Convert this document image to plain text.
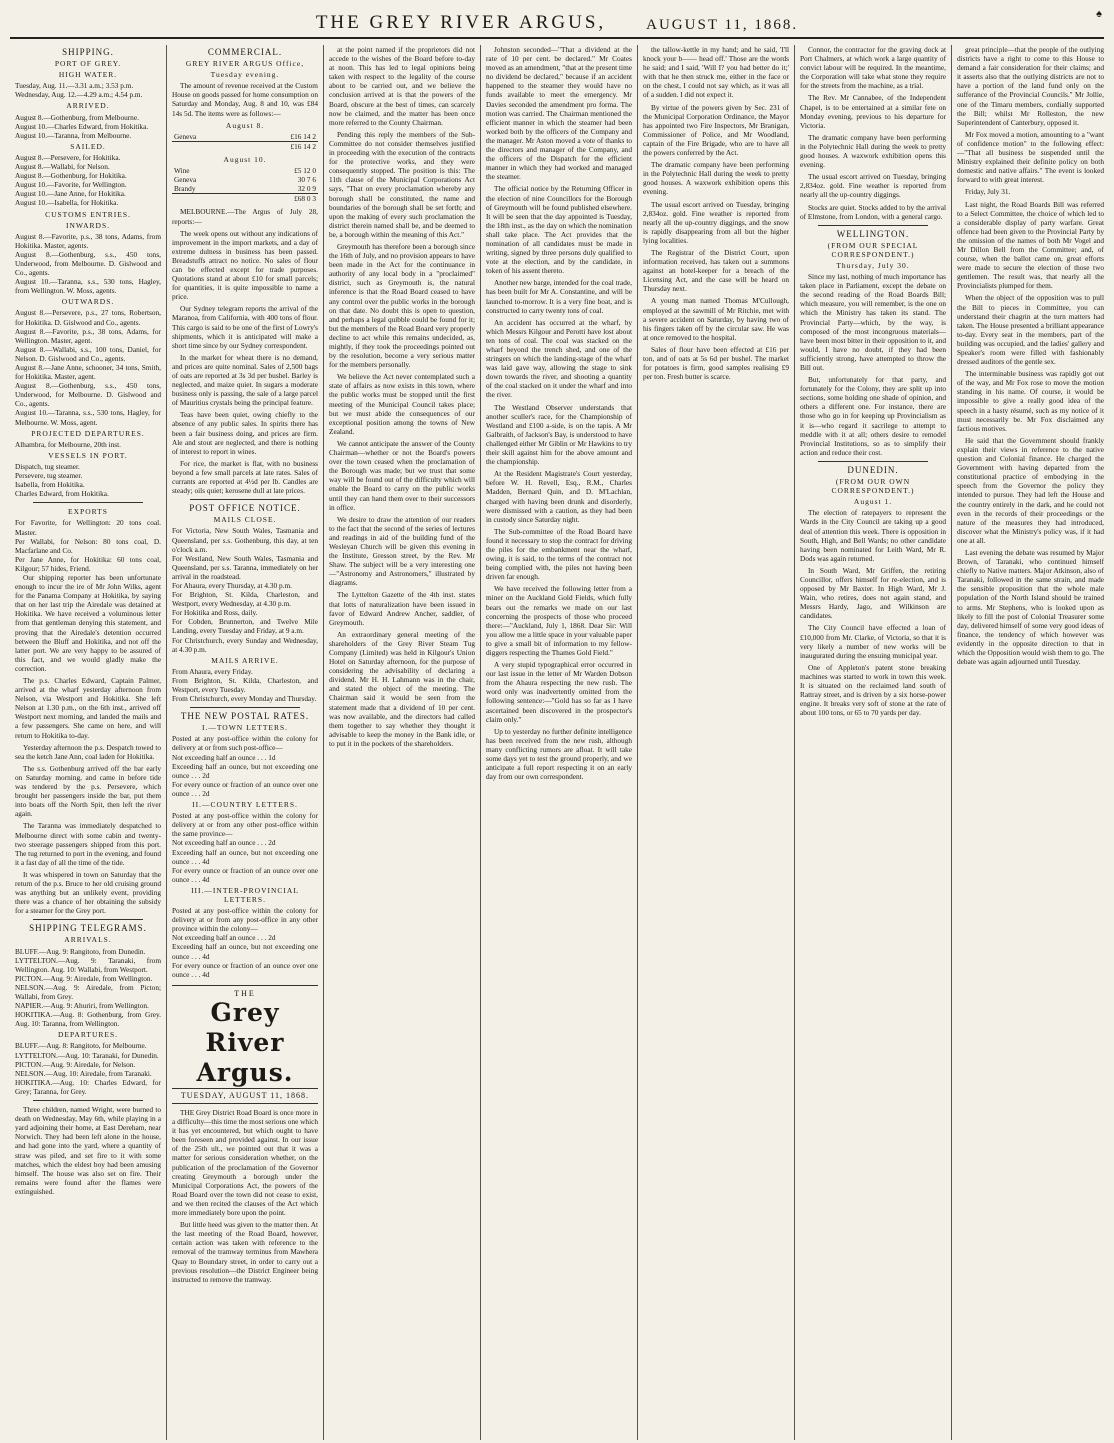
THE GREY RIVER ARGUS,	AUGUST 11, 1868.
♠
SHIPPING.
PORT OF GREY.
HIGH WATER.
Tuesday, Aug. 11.—3.31 a.m.; 3.53 p.m.
Wednesday, Aug. 12.—4.29 a.m.; 4.54 p.m.
ARRIVED.
August 8.—Gothenburg, from Melbourne.
August 10.—Charles Edward, from Hokitika.
August 10.—Taranna, from Melbourne.
SAILED.
August 8.—Persevere, for Hokitika.
August 8.—Wallabi, for Nelson.
August 8.—Gothenburg, for Hokitika.
August 10.—Favorite, for Wellington.
August 10.—Jane Anne, for Hokitika.
August 10.—Isabella, for Hokitika.
CUSTOMS ENTRIES.
INWARDS.
August 8.—Favorite, p.s., 38 tons, Adams, from Hokitika. Master, agents.
August 8.—Gothenburg, s.s., 450 tons, Underwood, from Melbourne. D. Gislwood and Co., agents.
August 10.—Taranna, s.s., 530 tons, Hagley, from Wellington. W. Moss, agents.
OUTWARDS.
August 8.—Persevere, p.s., 27 tons, Robertson, for Hokitika. D. Gislwood and Co., agents.
August 8.—Favorite, p.s., 38 tons, Adams, for Wellington. Master, agent.
August 8.—Wallabi, s.s., 100 tons, Daniel, for Nelson. D. Gislwood and Co., agents.
August 8.—Jane Anne, schooner, 34 tons, Smith, for Hokitika. Master, agent.
August 8.—Gothenburg, s.s., 450 tons, Underwood, for Melbourne. D. Gislwood and Co., agents.
August 10.—Taranna, s.s., 530 tons, Hagley, for Melbourne. W. Moss, agent.
PROJECTED DEPARTURES.
Alhambra, for Melbourne, 20th inst.
VESSELS IN PORT.
Dispatch, tug steamer.
Persevere, tug steamer.
Isabella, from Hokitika.
Charles Edward, from Hokitika.
EXPORTS
For Favorite, for Wellington: 20 tons coal. Master.
Per Wallabi, for Nelson: 80 tons coal, D. Macfarlane and Co.
Per Jane Anne, for Hokitika: 60 tons coal, Kilgour; 57 hides, Friend.

Our shipping reporter has been unfortunate enough to incur the ire of Mr John Wilks, agent for the Panama Company at Hokitika, by saying that on her last trip the Airedale was detained at Hokitika. We have received a voluminous letter from that gentleman denying this statement, and proving that the Airedale's detention occurred between the Bluff and Hokitika, and not off the latter port. We are very happy to be assured of this fact, and we would gladly make the correction.

The p.s. Charles Edward, Captain Palmer, arrived at the wharf yesterday afternoon from Nelson, via Westport and Hokitika. She left Nelson at 1.30 p.m., on the 6th inst., arrived off Westport next morning, and landed the mails and a few passengers. She came on here, and will return to Hokitika to-day.

Yesterday afternoon the p.s. Despatch towed to sea the ketch Jane Ann, coal laden for Hokitika.

The s.s. Gothenburg arrived off the bar early on Saturday morning, and came in before tide was tendered by the p.s. Persevere, which brought her passengers inside the bar, put them into boats off the North Spit, then left the river again.

The Taranna was immediately despatched to Melbourne direct with some cabin and twenty-two steerage passengers shipped from this port. The tug returned to port in the evening, and found it a fast day of all the time of the tide.

It was whispered in town on Saturday that the return of the p.s. Bruce to her old cruising ground was anything but an unlikely event, providing there was a chance of her obtaining the subsidy for a steamer for the Grey port.

SHIPPING TELEGRAMS.
ARRIVALS.
BLUFF.—Aug. 9: Rangitoto, from Dunedin.
LYTTELTON.—Aug. 9: Taranaki, from Wellington. Aug. 10: Wallabi, from Westport.
PICTON.—Aug. 9: Airedale, from Wellington.
NELSON.—Aug. 9: Airedale, from Picton; Wallabi, from Grey.
NAPIER.—Aug. 9: Ahuriri, from Wellington.
HOKITIKA.—Aug. 8: Gothenburg, from Grey. Aug. 10: Taranna, from Wellington.
DEPARTURES.
BLUFF.—Aug. 8: Rangitoto, for Melbourne.
LYTTELTON.—Aug. 10: Taranaki, for Dunedin.
PICTON.—Aug. 9: Airedale, for Nelson.
NELSON.—Aug. 10: Airedale, from Taranaki.
HOKITIKA.—Aug. 10: Charles Edward, for Grey; Taranna, for Grey.

Three children, named Wright, were burned to death on Wednesday, May 6th, while playing in a yard adjoining their home, at East Dereham, near Norwich. They had been left alone in the house, and had gone into the yard, where a quantity of straw was piled, and set fire to it with some matches, which the eldest boy had been amusing himself. The house was also set on fire. Their remains were found after the flames were extinguished.

COMMERCIAL.
GREY RIVER ARGUS Office,
Tuesday evening.

The amount of revenue received at the Custom House on goods passed for home consumption on Saturday and Monday, Aug. 8 and 10, was £84 14s 5d. The items were as follows:—

August 8.
Geneva	£16 14 2
	£16 14 2
August 10.
Wine	£5 12 0
Geneva	30 7 6
Brandy	32 0 9
	£68 0 3

MELBOURNE.—The Argus of July 28, reports:—

The week opens out without any indications of improvement in the import markets, and a day of extreme dulness in business has been passed. Breadstuffs attract no notice. No sales of flour can be effected except for trade purposes. Quotations stand at about £10 for small parcels; for quantities, it is quite impossible to name a price.

Our Sydney telegram reports the arrival of the Maranoa, from California, with 400 tons of flour. This cargo is said to be one of the first of Lowry's shipments, which it is anticipated will make a short time since by our Sydney correspondent.

In the market for wheat there is no demand, and prices are quite nominal. Sales of 2,500 bags of oats are reported at 3s 3d per bushel. Barley is neglected, and maize quiet. In sugars a moderate business only is passing, the sale of a large parcel of Mauritius crystals being the principal feature.

Teas have been quiet, owing chiefly to the absence of any public sales. In spirits there has been a fair business doing, and prices are firm. Ale and stout are neglected, and there is nothing of interest to report in wines.

For rice, the market is flat, with no business beyond a few small parcels at late rates. Sales of currants are reported at 4½d per lb. Candles are steady; oils quiet; kerosene dull at late prices.

POST OFFICE NOTICE.
MAILS CLOSE.
For Victoria, New South Wales, Tasmania and Queensland, per s.s. Gothenburg, this day, at ten o'clock a.m.
For Westland, New South Wales, Tasmania and Queensland, per s.s. Taranna, immediately on her arrival in the roadstead.
For Ahaura, every Thursday, at 4.30 p.m.
For Brighton, St. Kilda, Charleston, and Westport, every Wednesday, at 4.30 p.m.
For Hokitika and Ross, daily.
For Cobden, Brunnerton, and Twelve Mile Landing, every Tuesday and Friday, at 9 a.m.
For Christchurch, every Sunday and Wednesday, at 4.30 p.m.
MAILS ARRIVE.
From Ahaura, every Friday.
From Brighton, St. Kilda, Charleston, and Westport, every Tuesday.
From Christchurch, every Monday and Thursday.
THE NEW POSTAL RATES.
I.—TOWN LETTERS.
Posted at any post-office within the colony for delivery at or from such post-office—
Not exceeding half an ounce . . . 1d
Exceeding half an ounce, but not exceeding one ounce . . . 2d
For every ounce or fraction of an ounce over one ounce . . . 2d
II.—COUNTRY LETTERS.
Posted at any post-office within the colony for delivery at or from any other post-office within the same province—
Not exceeding half an ounce . . . 2d
Exceeding half an ounce, but not exceeding one ounce . . . 4d
For every ounce or fraction of an ounce over one ounce . . . 4d
III.—INTER-PROVINCIAL LETTERS.
Posted at any post-office within the colony for delivery at or from any post-office in any other province within the colony—
Not exceeding half an ounce . . . 2d
Exceeding half an ounce, but not exceeding one ounce . . . 4d
For every ounce or fraction of an ounce over one ounce . . . 4d
THE
Grey River Argus.
TUESDAY, AUGUST 11, 1868.

THE Grey District Road Board is once more in a difficulty—this time the most serious one which it has yet encountered, but which ought to have been foreseen and provided against. In our issue of the 25th ult., we pointed out that it was a matter for serious consideration whether, on the publication of the proclamation of the Governor creating Greymouth a borough under the Municipal Corporations Act, the powers of the Road Board over the town did not cease to exist, and we then recited the clauses of the Act which more immediately bore upon the point.

But little heed was given to the matter then. At the last meeting of the Road Board, however, certain action was taken with reference to the removal of the tramway terminus from Mawhera Quay to Boundary street, in order to carry out a previous resolution—the District Engineer being instructed to remove the tramway.

at the point named if the proprietors did not accede to the wishes of the Board before to-day at noon. This has led to legal opinions being taken with respect to the legality of the course about to be carried out, and we believe the conclusion arrived at is that the powers of the Board, obscure at the best of times, can scarcely now be claimed, and the matter has been once more referred to the County Chairman.

Pending this reply the members of the Sub-Committee do not consider themselves justified in proceeding with the execution of the contracts for the protective works, and they were consequently stopped. The position is this: The 11th clause of the Municipal Corporations Act says, "That on every proclamation whereby any borough shall be constituted, the name and boundaries of the borough shall be set forth; and upon the making of every such proclamation the district therein named shall be, and be deemed to be, a borough within the meaning of this Act."

Greymouth has therefore been a borough since the 16th of July, and no provision appears to have been made in the Act for the continuance in authority of any local body in a "proclaimed" district, such as Greymouth is, the natural inference is that the Road Board ceased to have any control over the public works in the borough on that date. No doubt this is open to question, and perhaps a legal quibble could be found for it; but the members of the Road Board very properly decline to act while this remains undecided, as, mightly, if they took the proceedings pointed out by the resolution, become a very serious matter for the members personally.

We believe the Act never contemplated such a state of affairs as now exists in this town, where the public works must be stopped until the first meeting of the Municipal Council takes place; but we must abide the consequences of our exceptional position among the towns of New Zealand.

We cannot anticipate the answer of the County Chairman—whether or not the Board's powers over the town ceased when the proclamation of the Borough was made; but we trust that some way will be found out of the difficulty which will enable the Board to carry on the public works until they can hand them over to their successors in office.

We desire to draw the attention of our readers to the fact that the second of the series of lectures and readings in aid of the building fund of the Wesleyan Church will be given this evening in the Institute, Gresson street, by the Rev. Mr Shaw. The subject will be a very interesting one—"Astronomy and Astronomers," illustrated by diagrams.

The Lyttelton Gazette of the 4th inst. states that lotts of naturalization have been issued in favor of Edward Andrew Ancher, saddler, of Greymouth.

An extraordinary general meeting of the shareholders of the Grey River Steam Tug Company (Limited) was held in Kilgour's Union Hotel on Saturday afternoon, for the purpose of considering the advisability of declaring a dividend. Mr H. H. Lahmann was in the chair, and stated the object of the meeting. The Chairman said it would be seen from the statement made that a dividend of 10 per cent. was now available, and the directors had called them together to say whether they thought it advisable to keep the money in the Bank idle, or to put it in the pockets of the shareholders.

Johnston seconded—"That a dividend at the rate of 10 per cent. be declared." Mr Coates moved as an amendment, "that at the present time no dividend be declared," because if an accident happened to the steamer they would have no funds available to meet the emergency. Mr Davies seconded the amendment pro forma. The motion was carried. The Chairman mentioned the efficient manner in which the steamer had been worked both by the officers of the Company and the manager. Mr Aston moved a vote of thanks to the directors and manager of the Company, and the officers of the Dispatch for the efficient manner in which they had worked and managed the steamer.

The official notice by the Returning Officer in the election of nine Councillors for the Borough of Greymouth will be found published elsewhere. It will be seen that the day appointed is Tuesday, the 18th inst., as the day on which the nomination shall take place. The Act provides that the nomination of all candidates must be made in writing, signed by three persons duly qualified to vote at the election, and by the candidate, in token of his assent thereto.

Another new barge, intended for the coal trade, has been built for Mr A. Constantine, and will be launched to-morrow. It is a very fine boat, and is constructed to carry twenty tons of coal.

An accident has occurred at the wharf, by which Messrs Kilgour and Perotti have lost about ten tons of coal. The coal was stacked on the wharf beyond the trench shed, and one of the stringers on which the landing-stage of the wharf was laid gave way, allowing the stage to sink down towards the river, and shooting a quantity of the coal stacked on it under the wharf and into the river.

The Westland Observer understands that another sculler's race, for the Championship of Westland and £100 a-side, is on the tapis. A Mr Galbraith, of Jackson's Bay, is understood to have challenged either Mr Giblin or Mr Hawkins to try their skill against him for the above amount and the championship.

At the Resident Magistrate's Court yesterday, before W. H. Revell, Esq., R.M., Charles Madden, Bernard Quin, and D. M'Lachlan, charged with having been drunk and disorderly, were dismissed with a caution, as they had been in custody since Saturday night.

The Sub-committee of the Road Board have found it necessary to stop the contract for driving the piles for the embankment near the wharf, owing, it is said, to the terms of the contract not being complied with, the piles not having been driven far enough.

We have received the following letter from a miner on the Auckland Gold Fields, which fully bears out the remarks we made on our last concerning the prospects of those who proceed there:—"Auckland, July 1, 1868. Dear Sir: Will you allow me a little space in your valuable paper to give a small bit of information to my fellow-diggers respecting the Thames Gold Field."

A very stupid typographical error occurred in our last issue in the letter of Mr Warden Dobson from the Ahaura respecting the new rush. The word only was inadvertently omitted from the following sentence:—"Gold has so far as I have ascertained been discovered in the prospector's claim only."

Up to yesterday no further definite intelligence has been received from the new rush, although many conflicting rumors are afloat. It will take some days yet to test the ground properly, and we anticipate a full report respecting it on an early day from our own correspondent.

the tallow-kettle in my hand; and he said, 'I'll knock your b—— head off.' Those are the words he said; and I said, 'Will I? you had better do it;' with that he then struck me, either in the face or on the chest, I could not say which, as it was all of a sudden. I did not expect it.

By virtue of the powers given by Sec. 231 of the Municipal Corporation Ordinance, the Mayor has appointed two Fire Inspectors, Mr Branigan, Commissioner of Police, and Mr Woodland, captain of the Fire Brigade, who are to have all the powers conferred by the Act.

The dramatic company have been performing in the Polytechnic Hall during the week to pretty good houses. A waxwork exhibition opens this evening.

The usual escort arrived on Tuesday, bringing 2,834oz. gold. Fine weather is reported from nearly all the up-country diggings, and the snow is rapidly disappearing from all but the higher lying localities.

The Registrar of the District Court, upon information received, has taken out a summons against an hotel-keeper for a breach of the Licensing Act, and the case will be heard on Thursday next.

A young man named Thomas M'Cullough, employed at the sawmill of Mr Ritchie, met with a severe accident on Saturday, by having two of his fingers taken off by the circular saw. He was at once removed to the hospital.

Sales of flour have been effected at £16 per ton, and of oats at 5s 6d per bushel. The market for potatoes is firm, good samples realising £9 per ton. Fresh butter is scarce.

Connor, the contractor for the graving dock at Port Chalmers, at which work a large quantity of convict labour will be required. In the meantime, the Corporation will take what stone they require for the streets from the machine, as a trial.

The Rev. Mr Cannabee, of the Independent Chapel, is to be entertained at a similar fete on Monday evening, previous to his departure for Victoria.

The dramatic company have been performing in the Polytechnic Hall during the week to pretty good houses. A waxwork exhibition opens this evening.

The usual escort arrived on Tuesday, bringing 2,834oz. gold. Fine weather is reported from nearly all the up-country diggings.

Stocks are quiet. Stocks added to by the arrival of Elmstone, from London, with a general cargo.

WELLINGTON.
(FROM OUR SPECIAL CORRESPONDENT.)
Thursday, July 30.

Since my last, nothing of much importance has taken place in Parliament, except the debate on the second reading of the Road Boards Bill; which measure, you will remember, is the one on which the Ministry has taken its stand. The Provincial Party—which, by the way, is composed of the most incongruous materials—have been most bitter in their opposition to it, and would, I have no doubt, if they had been sufficiently strong, have attempted to throw the Bill out.

But, unfortunately for that party, and fortunately for the Colony, they are split up into sections, some holding one shade of opinion, and others a different one. For instance, there are those who go in for keeping up Provincialism as it is—who regard it sacrilege to attempt to meddle with it at all; others desire to remodel Provincial Institutions, so as to simplify their action and reduce their cost.

DUNEDIN.
(FROM OUR OWN CORRESPONDENT.)
August 1.

The election of ratepayers to represent the Wards in the City Council are taking up a good deal of attention this week. There is opposition in South, High, and Bell Wards; no other candidate having been nominated for Leith Ward, Mr R. Dods was again returned.

In South Ward, Mr Griffen, the retiring Councillor, offers himself for re-election, and is opposed by Mr Baxter. In High Ward, Mr J. Wain, who retires, does not again stand, and Messrs Hardy, Jago, and Wilkinson are candidates.

The City Council have effected a loan of £10,000 from Mr. Clarke, of Victoria, so that it is very likely a number of new works will be inaugurated during the ensuing municipal year.

One of Appleton's patent stone breaking machines was started to work in town this week. It is situated on the reclaimed land south of Rattray street, and is driven by a six horse-power engine. It breaks very soft of stone at the rate of about 100 tons, or 65 to 70 yards per day.

great principle—that the people of the outlying districts have a right to come to this House to demand a fair consideration for their claims; and it asserts also that the outlying districts are not to have a portion of the land fund only on the sufferance of the Provincial Councils." Mr Jollie, one of the Timaru members, cordially supported the Bill; whilst Mr Rolleston, the new Superintendent of Canterbury, opposed it.

Mr Fox moved a motion, amounting to a "want of confidence motion" to the following effect:—"That all business be suspended until the Ministry explained their definite policy on both domestic and native affairs." The event is looked forward to with great interest.

Friday, July 31.

Last night, the Road Boards Bill was referred to a Select Committee, the choice of which led to a considerable display of party warfare. Great offence had been given to the Provincial Party by the omission of the names of both Mr Vogel and Mr Dillon Bell from the Committee; and, of course, when the ballot came on, great efforts were made to secure the election of those two gentlemen. The result was, that nearly all the Provincialists plumped for them.

When the object of the opposition was to pull the Bill to pieces in Committee, you can understand their chagrin at the turn matters had taken. The House presented a brilliant appearance to-day. Every seat in the members, part of the building was occupied, and the ladies' gallery and Speaker's room were filled with fashionably dressed auditors of the gentle sex.

The interminable business was rapidly got out of the way, and Mr Fox rose to move the motion standing in his name. Of course, it would be impossible to give a really good idea of the speech in a hasty résumé, such as my notice of it must necessarily be. Mr Fox disclaimed any factious motives.

He said that the Government should frankly explain their views in reference to the native question and Colonial finance. He charged the Government with having departed from the constitutional practice of embodying in the speech from the Governor the policy they intended to pursue. They had left the House and the country entirely in the dark, and he could not even in the records of their proceedings or the nature of the measures they had introduced, discover what the Ministry's policy was, if it had one at all.

Last evening the debate was resumed by Major Brown, of Taranaki, who continued himself chiefly to Native matters. Major Atkinson, also of Taranaki, followed in the same strain, and made the sensible proposition that the whole male population of the North Island should be trained to arms. Mr Stephens, who is looked upon as likely to fill the post of Colonial Treasurer some day, delivered himself of some very good ideas of finance, the tendency of which however was evidently in the opposite direction to that in which the Opposition would wish them to go. The debate was again adjourned until Tuesday.
